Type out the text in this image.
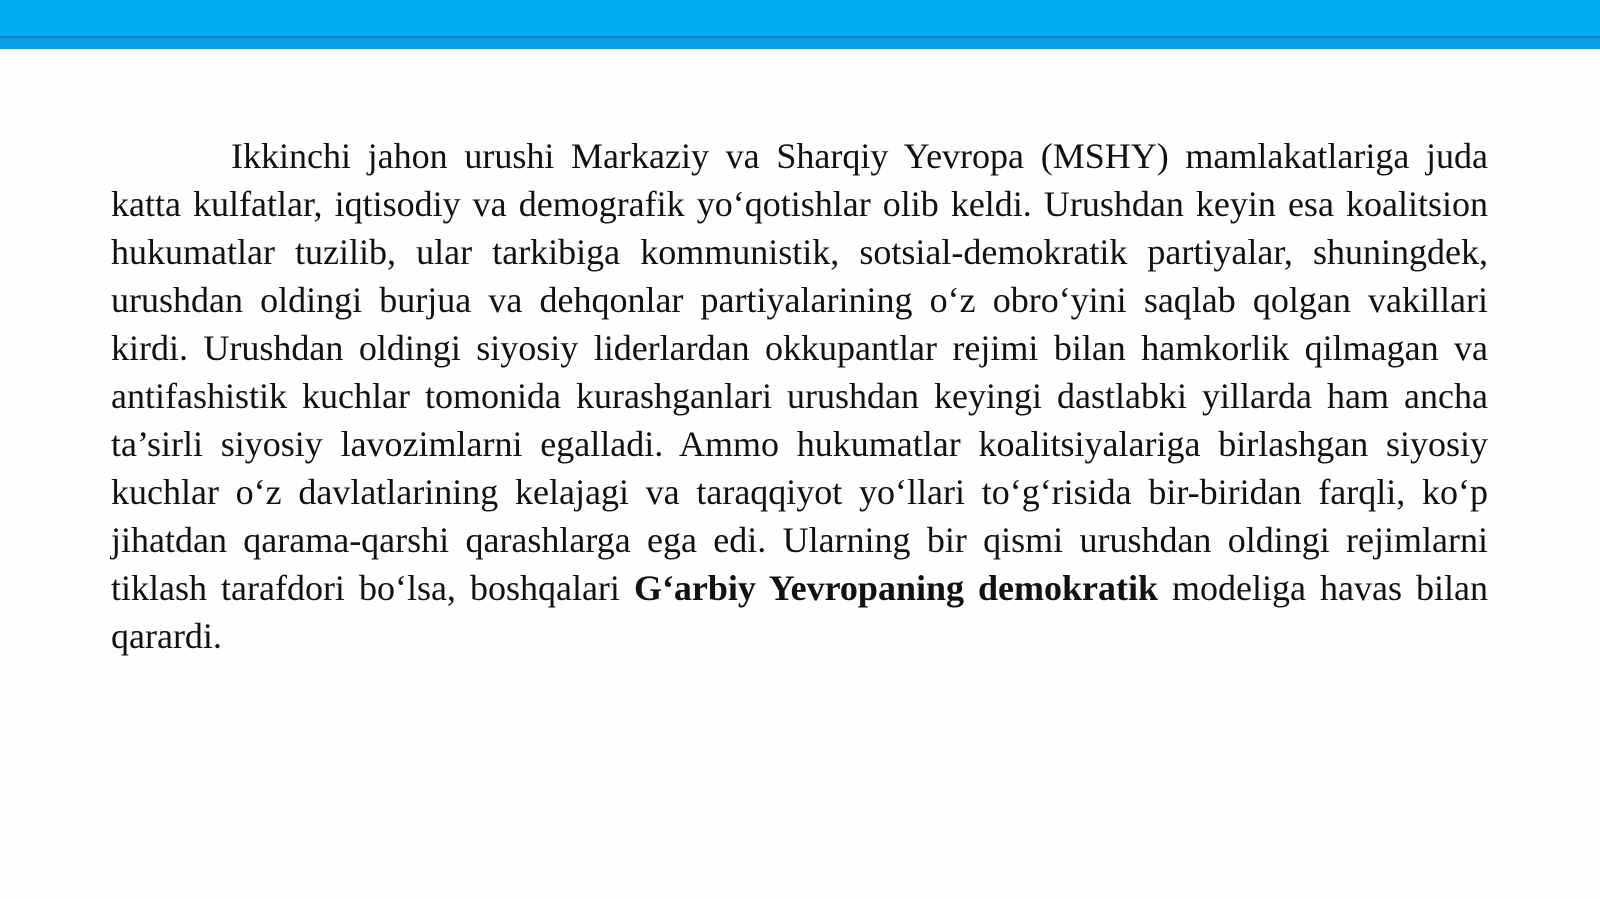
Ikkinchi jahon urushi Markaziy va Sharqiy Yevropa (MSHY) mamlakatlariga juda katta kulfatlar, iqtisodiy va demografik yo‘qotishlar olib keldi. Urushdan keyin esa koalitsion hukumatlar tuzilib, ular tarkibiga kommunistik, sotsial-demokratik partiyalar, shuningdek, urushdan oldingi burjua va dehqonlar partiyalarining o‘z obro‘yini saqlab qolgan vakillari kirdi. Urushdan oldingi siyosiy liderlardan okkupantlar rejimi bilan hamkorlik qilmagan va antifashistik kuchlar tomonida kurashganlari urushdan keyingi dastlabki yillarda ham ancha ta’sirli siyosiy lavozimlarni egalladi. Ammo hukumatlar koalitsiyalariga birlashgan siyosiy kuchlar o‘z davlatlarining kelajagi va taraqqiyot yo‘llari to‘g‘risida bir-biridan farqli, ko‘p jihatdan qarama-qarshi qarashlarga ega edi. Ularning bir qismi urushdan oldingi rejimlarni tiklash tarafdori bo‘lsa, boshqalari G‘arbiy Yevropaning demokratik modeliga havas bilan qarardi.
